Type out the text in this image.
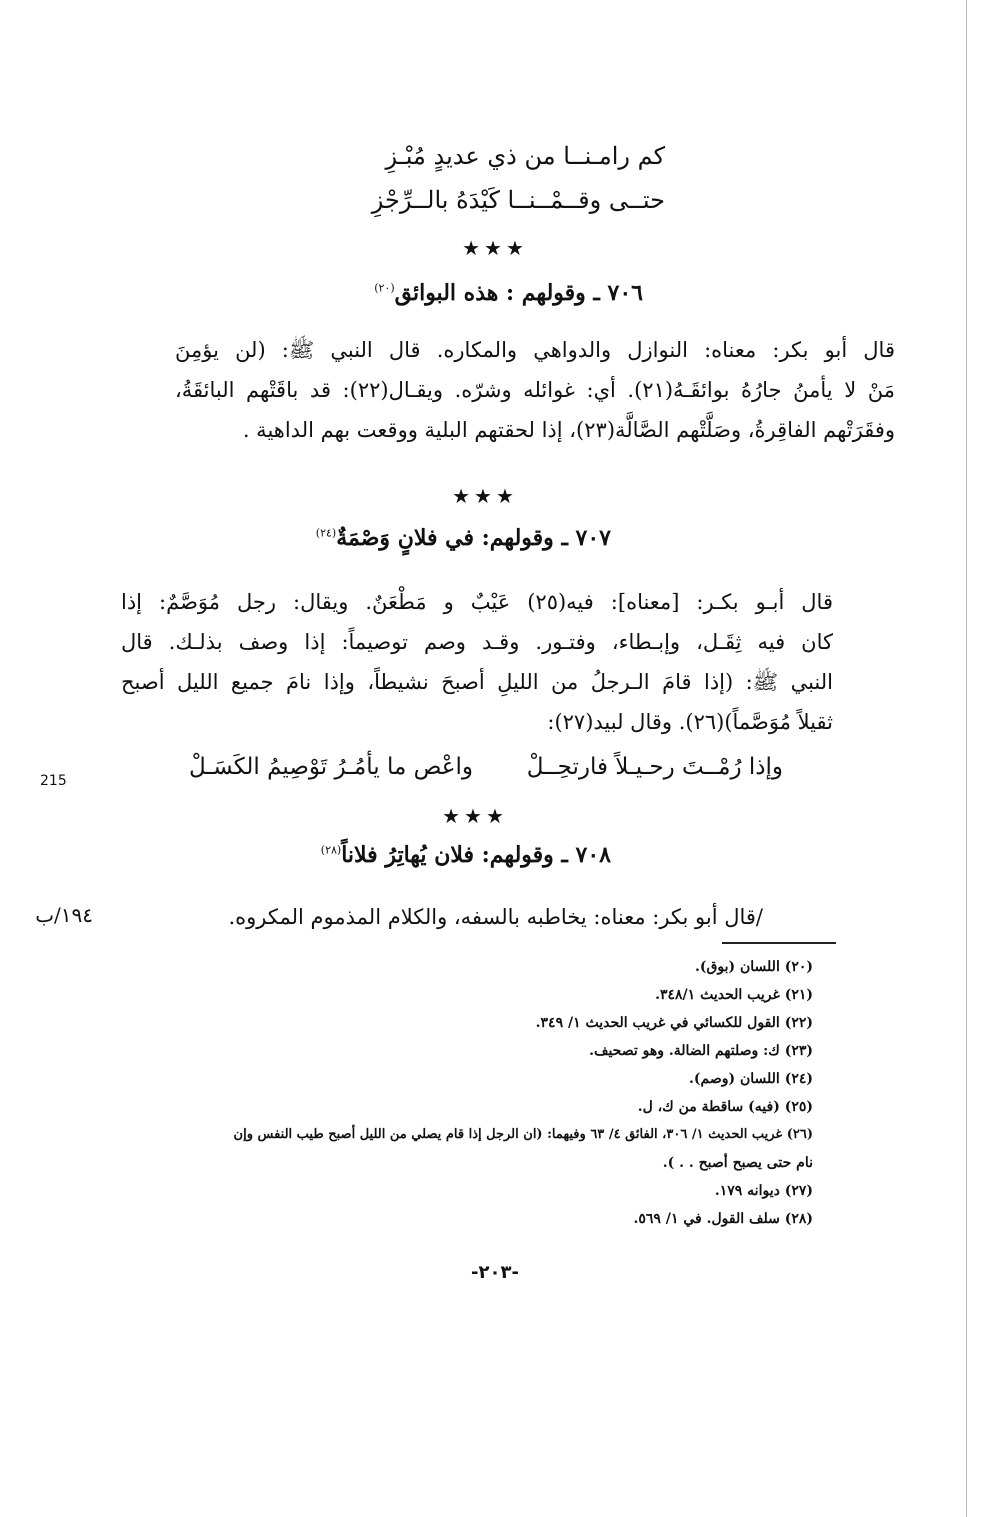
كم رامـنــا من ذي عديدٍ مُبْـزِ
حتــى وقــمْــنــا كَيْدَهُ بالــرِّجْزِ
★★★
٧٠٦ ـ وقولهم : هذه البوائق$^{(٢٠)}$
قال أبو بكر: معناه: النوازل والدواهي والمكاره. قال النبي ﷺ: (لن يؤمِنَ
مَنْ لا يأمنُ جارُهُ بوائقَـهُ(٢١). أي: غوائله وشرّه. ويقـال(٢٢): قد باقَتْهم البائقَةُ،
وفقَرَتْهم الفاقِرةُ، وصَلَّتْهم الصَّالَّة(٢٣)، إذا لحقتهم البلية ووقعت بهم الداهية .
★★★
٧٠٧ ـ وقولهم: في فلانٍ وَصْمَةٌ$^{(٢٤)}$
قال أبـو بكـر: [معناه]: فيه(٢٥) عَيْبٌ و مَطْعَنٌ. ويقال: رجل مُوَصَّمٌ: إذا
كان فيه ثِقَـل، وإبـطاء، وفتـور. وقـد وصم توصيماً: إذا وصف بذلـك. قال
النبي ﷺ: (إذا قامَ الـرجلُ من الليلِ أصبحَ نشيطاً، وإذا نامَ جميع الليل أصبح
ثقيلاً مُوَصَّماً)(٢٦). وقال لبيد(٢٧):
وإذا رُمْــتَ رحـيـلاً فارتحِــلْ
واعْص ما يأمُـرُ تَوْصِيمُ الكَسَـلْ
215
★★★
٧٠٨ ـ وقولهم: فلان يُهاتِرُ فلاناً$^{(٢٨)}$
/قال أبو بكر: معناه: يخاطبه بالسفه، والكلام المذموم المكروه.
١٩٤/ب
(٢٠) اللسان (بوق).
(٢١) غريب الحديث ٣٤٨/١.
(٢٢) القول للكسائي في غريب الحديث ١/ ٣٤٩.
(٢٣) ك: وصلتهم الضالة. وهو تصحيف.
(٢٤) اللسان (وصم).
(٢٥) (فيه) ساقطة من ك، ل.
(٢٦) غريب الحديث ١/ ٣٠٦، الفائق ٤/ ٦٣ وفيهما: (ان الرجل إذا قام يصلي من الليل أصبح طيب النفس وإن
نام حتى يصبح أصبح . . ).
(٢٧) ديوانه ١٧٩.
(٢٨) سلف القول. في ١/ ٥٦٩.
-٢٠٣-
